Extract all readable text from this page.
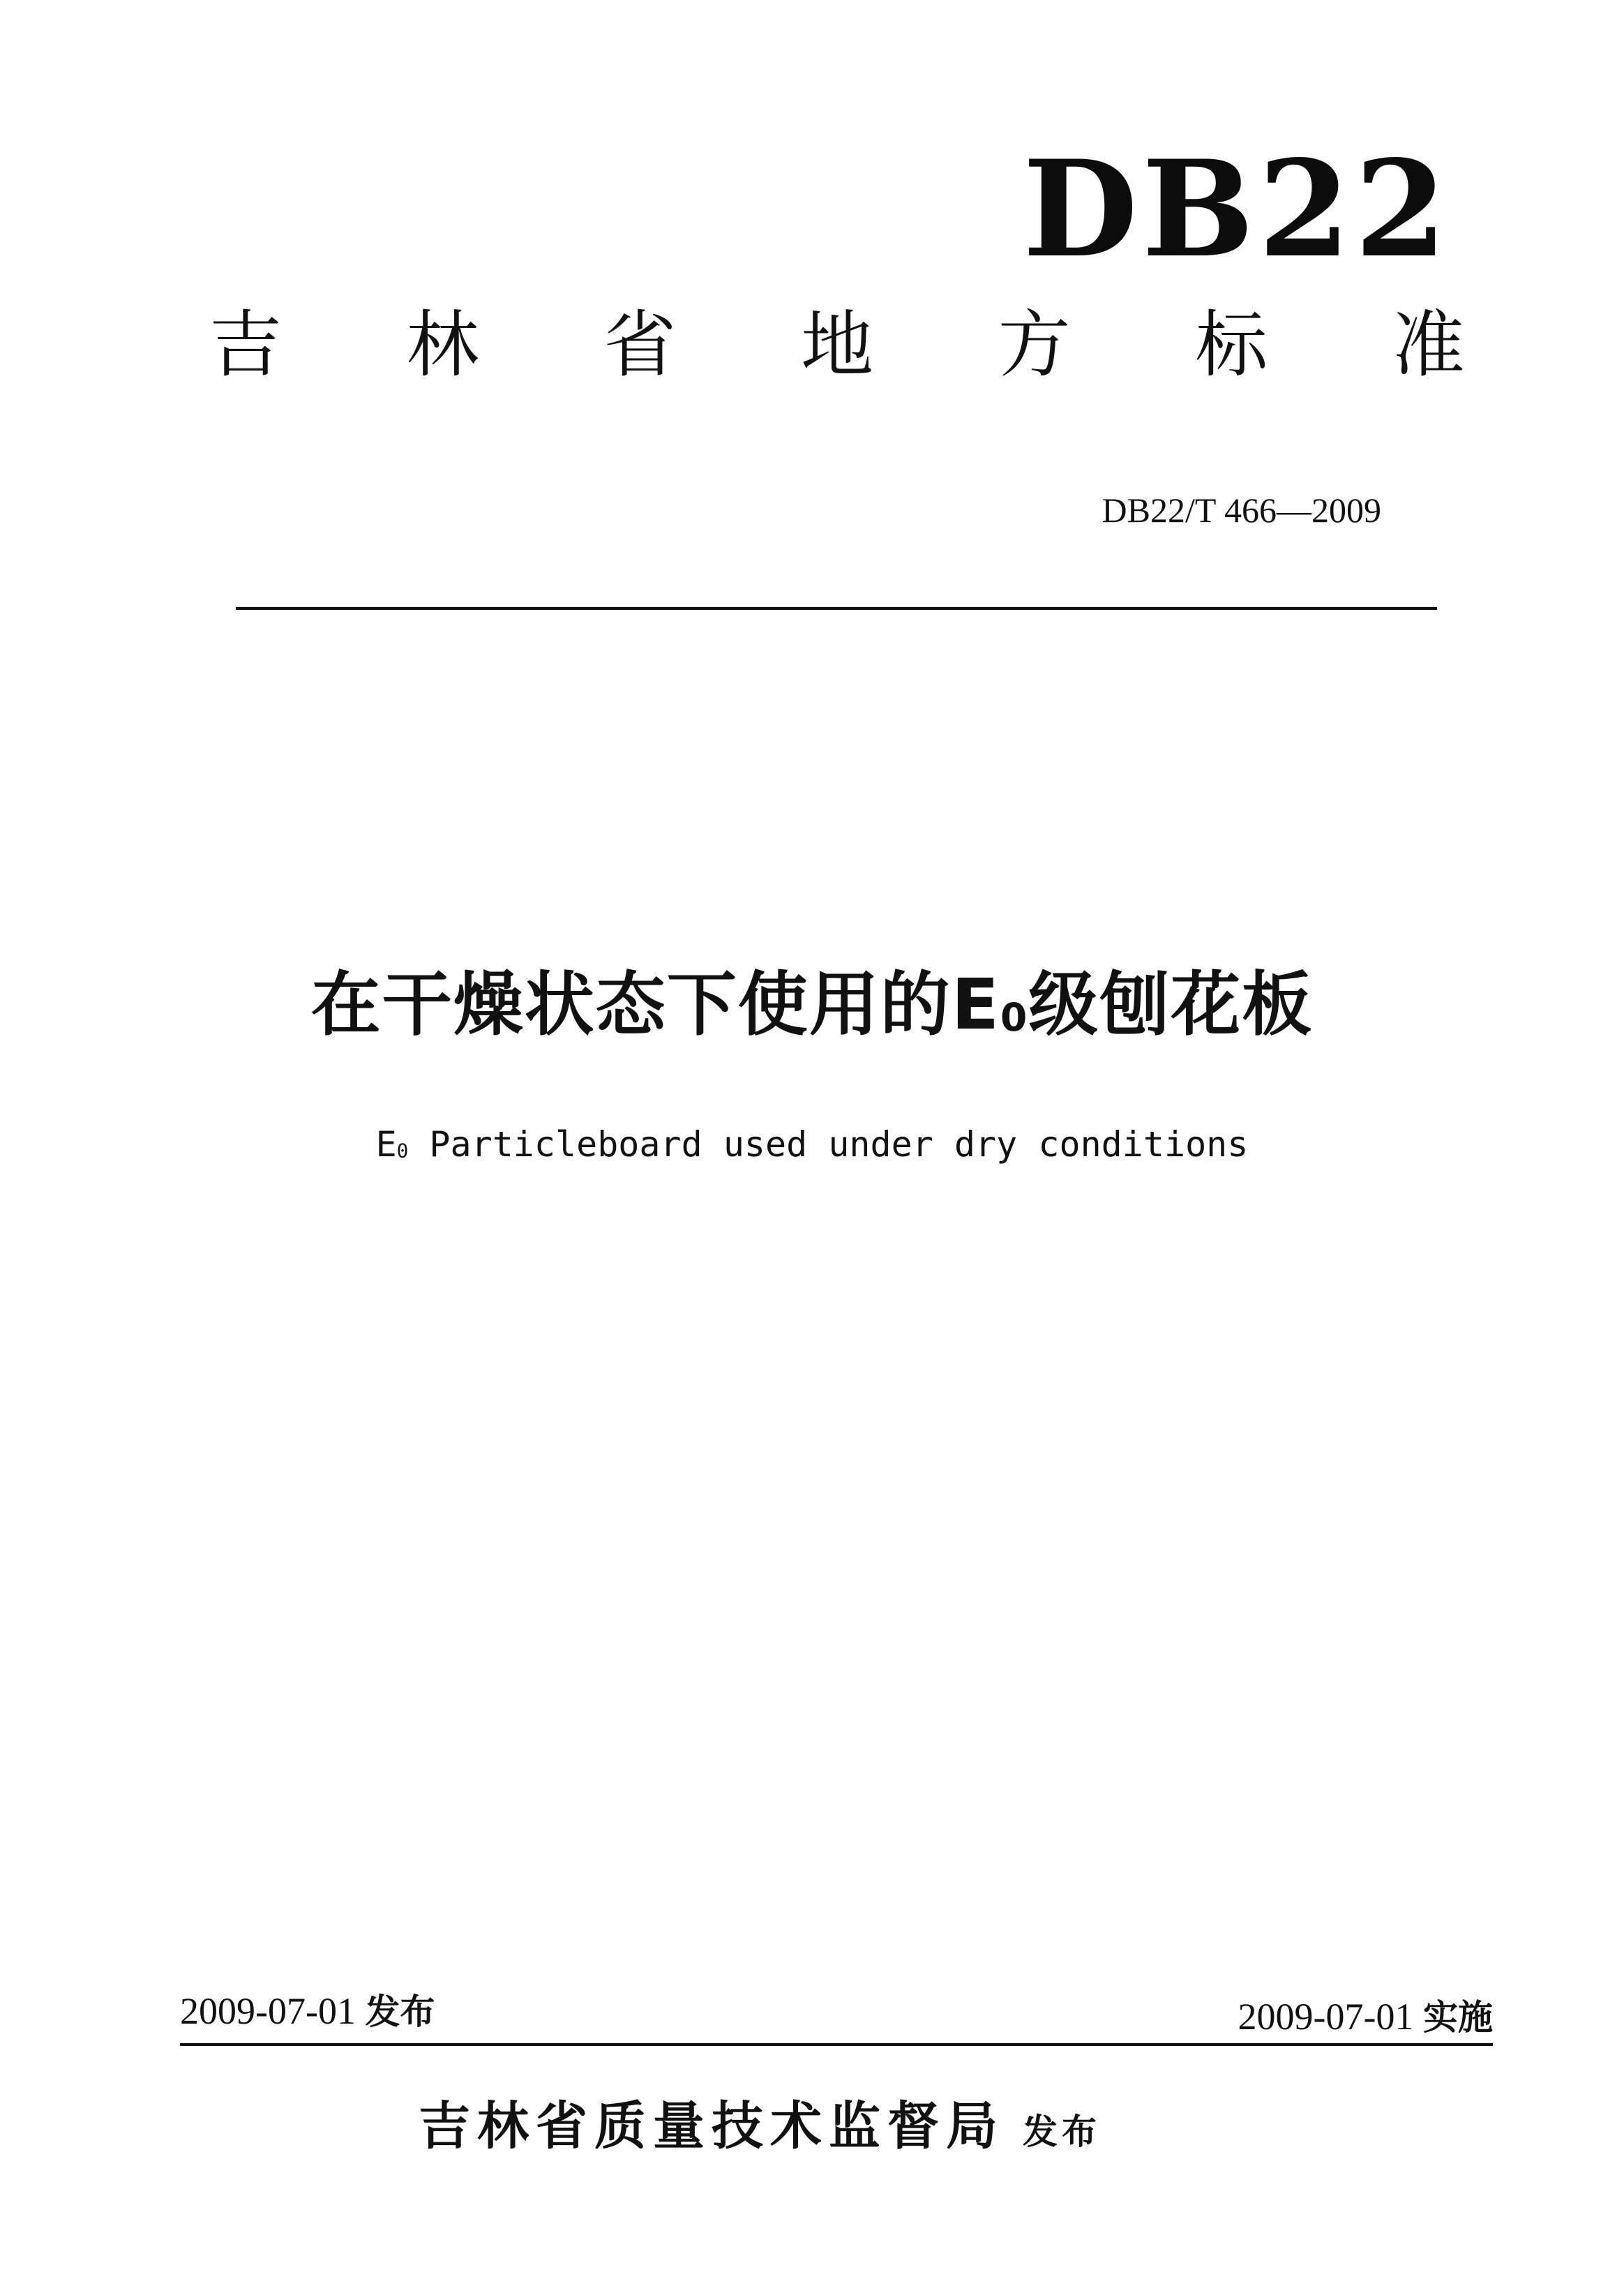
DB22
吉 林 省 地 方 标 准
DB22/T 466—2009
在干燥状态下使用的$E_0$级刨花板
$E_0$ Particleboard used under dry conditions
2009-07-01 发布	2009-07-01 实施
吉林省质量技术监督局 发布
